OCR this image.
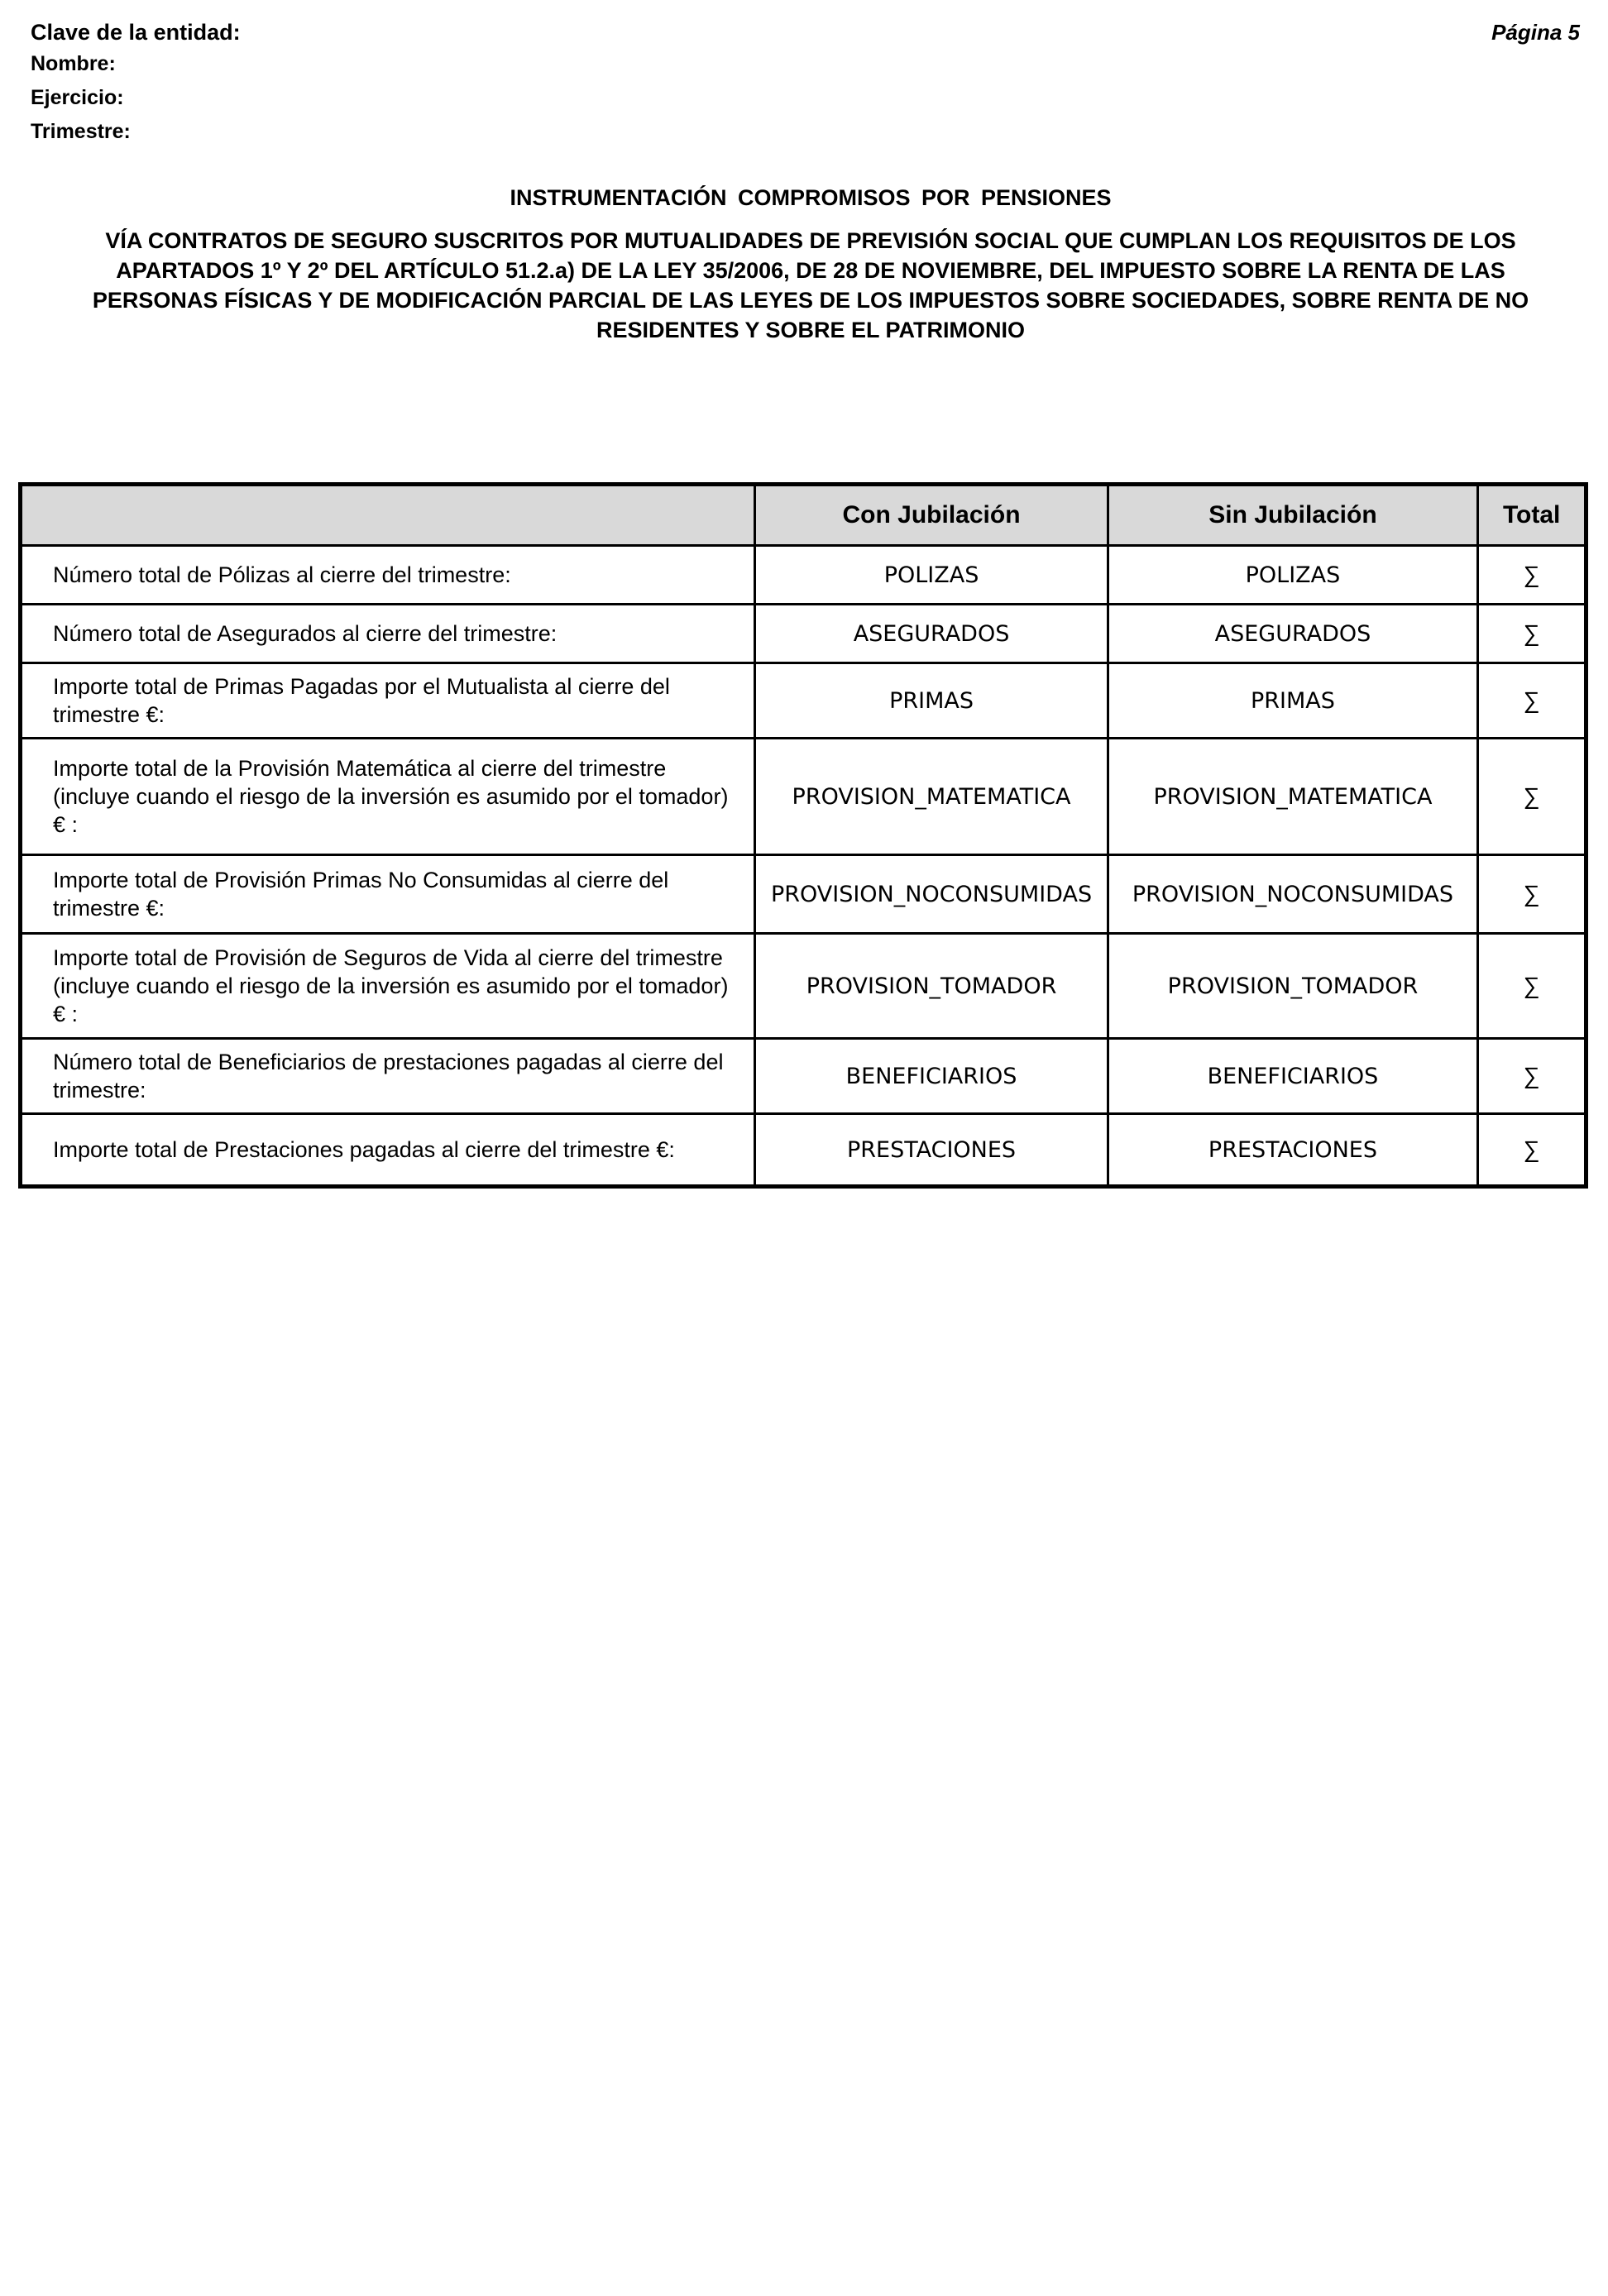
Clave de la entidad:
Nombre:
Ejercicio:
Trimestre:
Página 5
INSTRUMENTACIÓN COMPROMISOS POR PENSIONES
VÍA CONTRATOS DE SEGURO SUSCRITOS POR MUTUALIDADES DE PREVISIÓN SOCIAL QUE CUMPLAN LOS REQUISITOS DE LOS APARTADOS 1º Y 2º DEL ARTÍCULO 51.2.a) DE LA LEY 35/2006, DE 28 DE NOVIEMBRE, DEL IMPUESTO SOBRE LA RENTA DE LAS PERSONAS FÍSICAS Y DE MODIFICACIÓN PARCIAL DE LAS LEYES DE LOS IMPUESTOS SOBRE SOCIEDADES, SOBRE RENTA DE NO RESIDENTES Y SOBRE EL PATRIMONIO
	Con Jubilación	Sin Jubilación	Total
Número total de Pólizas al cierre del trimestre:	POLIZAS	POLIZAS	∑
Número total de Asegurados al cierre del trimestre:	ASEGURADOS	ASEGURADOS	∑
Importe total de Primas Pagadas por el Mutualista al cierre del trimestre €:	PRIMAS	PRIMAS	∑
Importe total de la Provisión Matemática al cierre del trimestre (incluye cuando el riesgo de la inversión es asumido por el tomador) € :	PROVISION_MATEMATICA	PROVISION_MATEMATICA	∑
Importe total de Provisión Primas No Consumidas al cierre del trimestre €:	PROVISION_NOCONSUMIDAS	PROVISION_NOCONSUMIDAS	∑
Importe total de Provisión de Seguros de Vida al cierre del trimestre (incluye cuando el riesgo de la inversión es asumido por el tomador) € :	PROVISION_TOMADOR	PROVISION_TOMADOR	∑
Número total de Beneficiarios de prestaciones pagadas al cierre del trimestre:	BENEFICIARIOS	BENEFICIARIOS	∑
Importe total de Prestaciones pagadas al cierre del trimestre €:	PRESTACIONES	PRESTACIONES	∑
